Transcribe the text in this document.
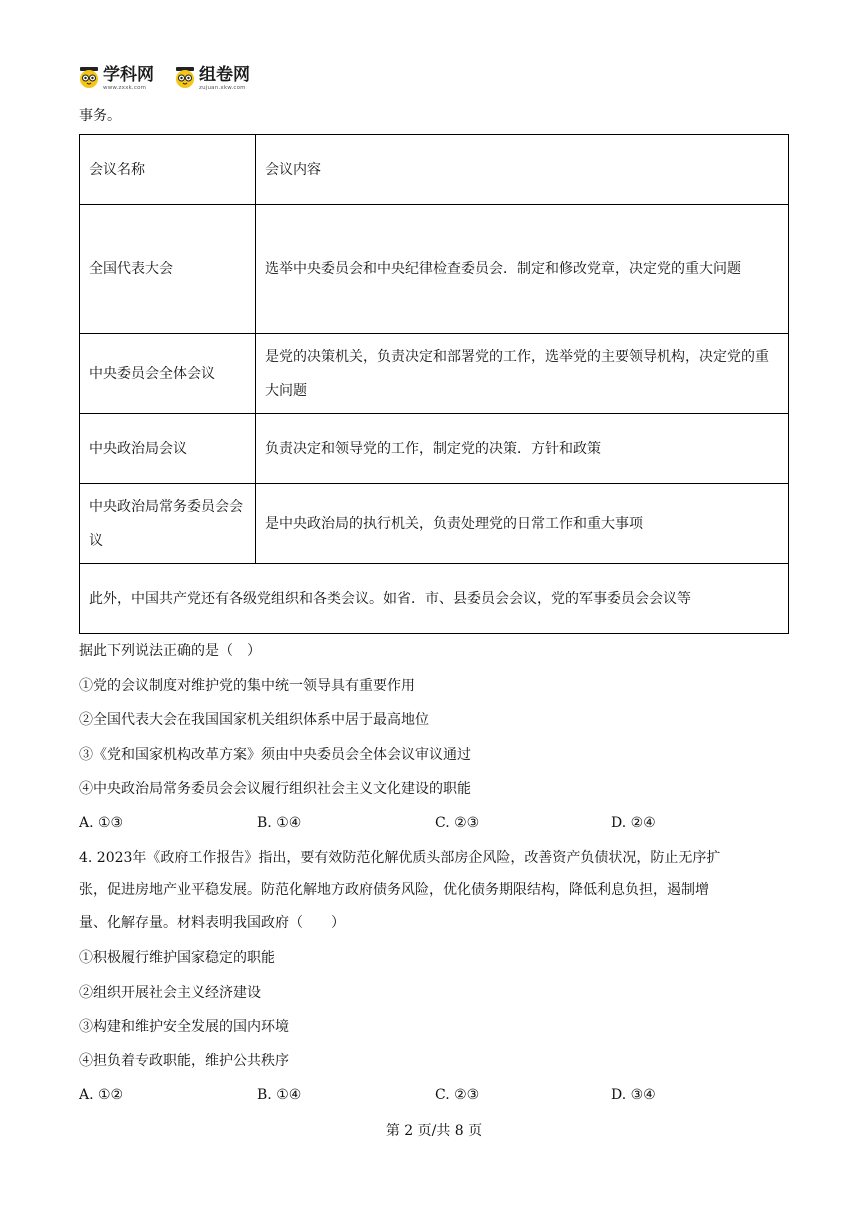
学科网
www.zxxk.com
组卷网
zujuan.xkw.com
事务。
会议名称	会议内容
全国代表大会	选举中央委员会和中央纪律检查委员会．制定和修改党章，决定党的重大问题
中央委员会全体会议	是党的决策机关，负责决定和部署党的工作，选举党的主要领导机构，决定党的重大问题
中央政治局会议	负责决定和领导党的工作，制定党的决策．方针和政策
中央政治局常务委员会会议	是中央政治局的执行机关，负责处理党的日常工作和重大事项
此外，中国共产党还有各级党组织和各类会议。如省．市、县委员会会议，党的军事委员会会议等	
据此下列说法正确的是（　）
①党的会议制度对维护党的集中统一领导具有重要作用
②全国代表大会在我国国家机关组织体系中居于最高地位
③《党和国家机构改革方案》须由中央委员会全体会议审议通过
④中央政治局常务委员会会议履行组织社会主义文化建设的职能
A. ①③	B. ①④	C. ②③	D. ②④
4. 2023年《政府工作报告》指出，要有效防范化解优质头部房企风险，改善资产负债状况，防止无序扩
张，促进房地产业平稳发展。防范化解地方政府债务风险，优化债务期限结构，降低利息负担，遏制增
量、化解存量。材料表明我国政府（　　）
①积极履行维护国家稳定的职能
②组织开展社会主义经济建设
③构建和维护安全发展的国内环境
④担负着专政职能，维护公共秩序
A. ①②	B. ①④	C. ②③	D. ③④
第 2 页/共 8 页
